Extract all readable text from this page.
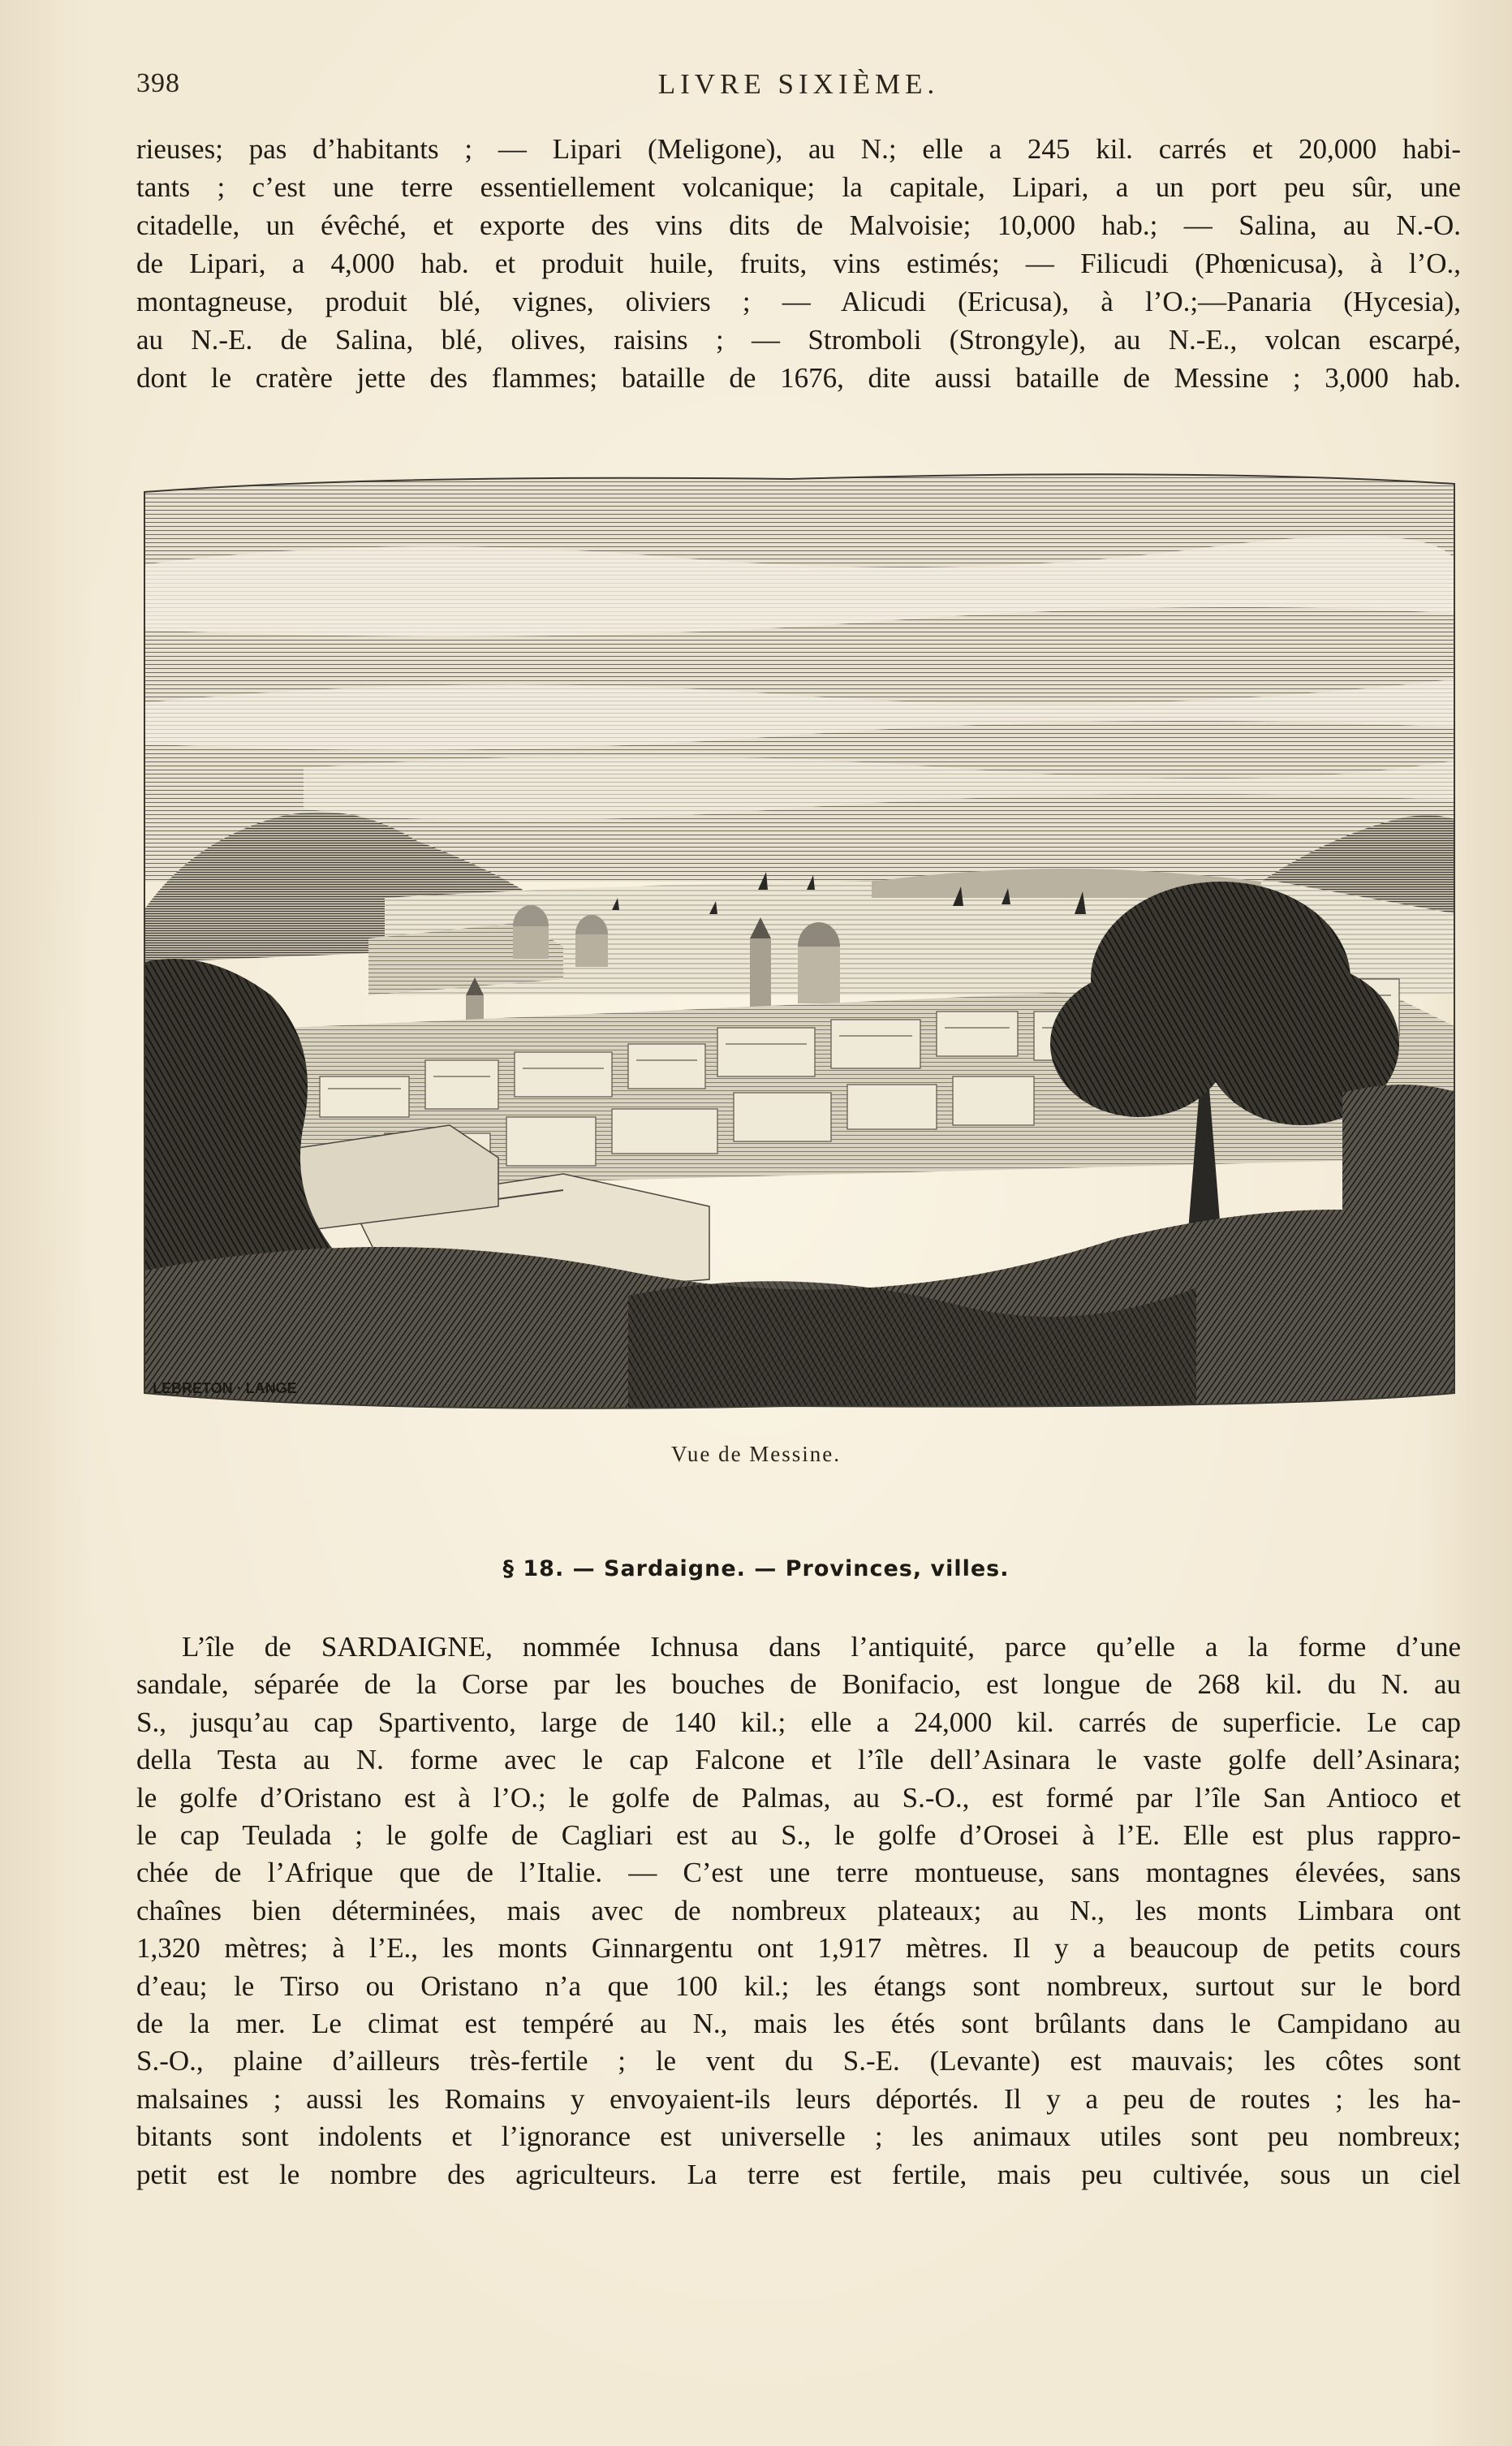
398	LIVRE SIXIÈME.
rieuses; pas d’habitants ; — Lipari (Meligone), au N.; elle a 245 kil. carrés et 20,000 habi-
tants ; c’est une terre essentiellement volcanique; la capitale, Lipari, a un port peu sûr, une
citadelle, un évêché, et exporte des vins dits de Malvoisie; 10,000 hab.; — Salina, au N.-O.
de Lipari, a 4,000 hab. et produit huile, fruits, vins estimés; — Filicudi (Phœnicusa), à l’O.,
montagneuse, produit blé, vignes, oliviers ; — Alicudi (Ericusa), à l’O.;—Panaria (Hycesia),
au N.-E. de Salina, blé, olives, raisins ; — Stromboli (Strongyle), au N.-E., volcan escarpé,
dont le cratère jette des flammes; bataille de 1676, dite aussi bataille de Messine ; 3,000 hab.
LEBRETON · LANGE
Vue de Messine.
§ 18. — Sardaigne. — Provinces, villes.
L’île de SARDAIGNE, nommée Ichnusa dans l’antiquité, parce qu’elle a la forme d’une
sandale, séparée de la Corse par les bouches de Bonifacio, est longue de 268 kil. du N. au
S., jusqu’au cap Spartivento, large de 140 kil.; elle a 24,000 kil. carrés de superficie. Le cap
della Testa au N. forme avec le cap Falcone et l’île dell’Asinara le vaste golfe dell’Asinara;
le golfe d’Oristano est à l’O.; le golfe de Palmas, au S.-O., est formé par l’île San Antioco et
le cap Teulada ; le golfe de Cagliari est au S., le golfe d’Orosei à l’E. Elle est plus rappro-
chée de l’Afrique que de l’Italie. — C’est une terre montueuse, sans montagnes élevées, sans
chaînes bien déterminées, mais avec de nombreux plateaux; au N., les monts Limbara ont
1,320 mètres; à l’E., les monts Ginnargentu ont 1,917 mètres. Il y a beaucoup de petits cours
d’eau; le Tirso ou Oristano n’a que 100 kil.; les étangs sont nombreux, surtout sur le bord
de la mer. Le climat est tempéré au N., mais les étés sont brûlants dans le Campidano au
S.-O., plaine d’ailleurs très-fertile ; le vent du S.-E. (Levante) est mauvais; les côtes sont
malsaines ; aussi les Romains y envoyaient-ils leurs déportés. Il y a peu de routes ; les ha-
bitants sont indolents et l’ignorance est universelle ; les animaux utiles sont peu nombreux;
petit est le nombre des agriculteurs. La terre est fertile, mais peu cultivée, sous un ciel
